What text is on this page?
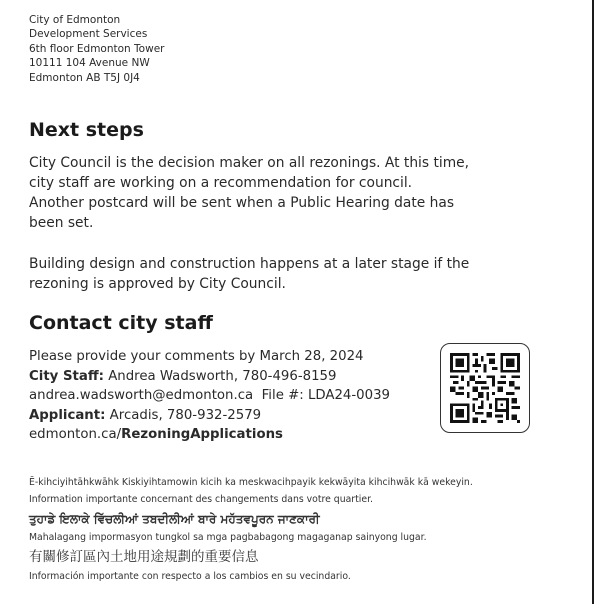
City of Edmonton
Development Services
6th floor Edmonton Tower
10111 104 Avenue NW
Edmonton AB T5J 0J4
Next steps
City Council is the decision maker on all rezonings. At this time,
city staff are working on a recommendation for council.
Another postcard will be sent when a Public Hearing date has
been set.
Building design and construction happens at a later stage if the
rezoning is approved by City Council.
Contact city staff
Please provide your comments by March 28, 2024
City Staff: Andrea Wadsworth, 780-496-8159
andrea.wadsworth@edmonton.ca File #: LDA24-0039
Applicant: Arcadis, 780-932-2579
edmonton.ca/RezoningApplications
Ē-kihciyihtāhkwāhk Kiskiyihtamowin kicih ka meskwacihpayik kekwāyita kihcihwāk kā wekeyin.
Information importante concernant des changements dans votre quartier.
ਤੁਹਾਡੇ ਇਲਾਕੇ ਵਿੱਚਲੀਆਂ ਤਬਦੀਲੀਆਂ ਬਾਰੇ ਮਹੱਤਵਪੂਰਨ ਜਾਣਕਾਰੀ
Mahalagang impormasyon tungkol sa mga pagbabagong magaganap sainyong lugar.
有關修訂區內土地用途規劃的重要信息
Información importante con respecto a los cambios en su vecindario.
